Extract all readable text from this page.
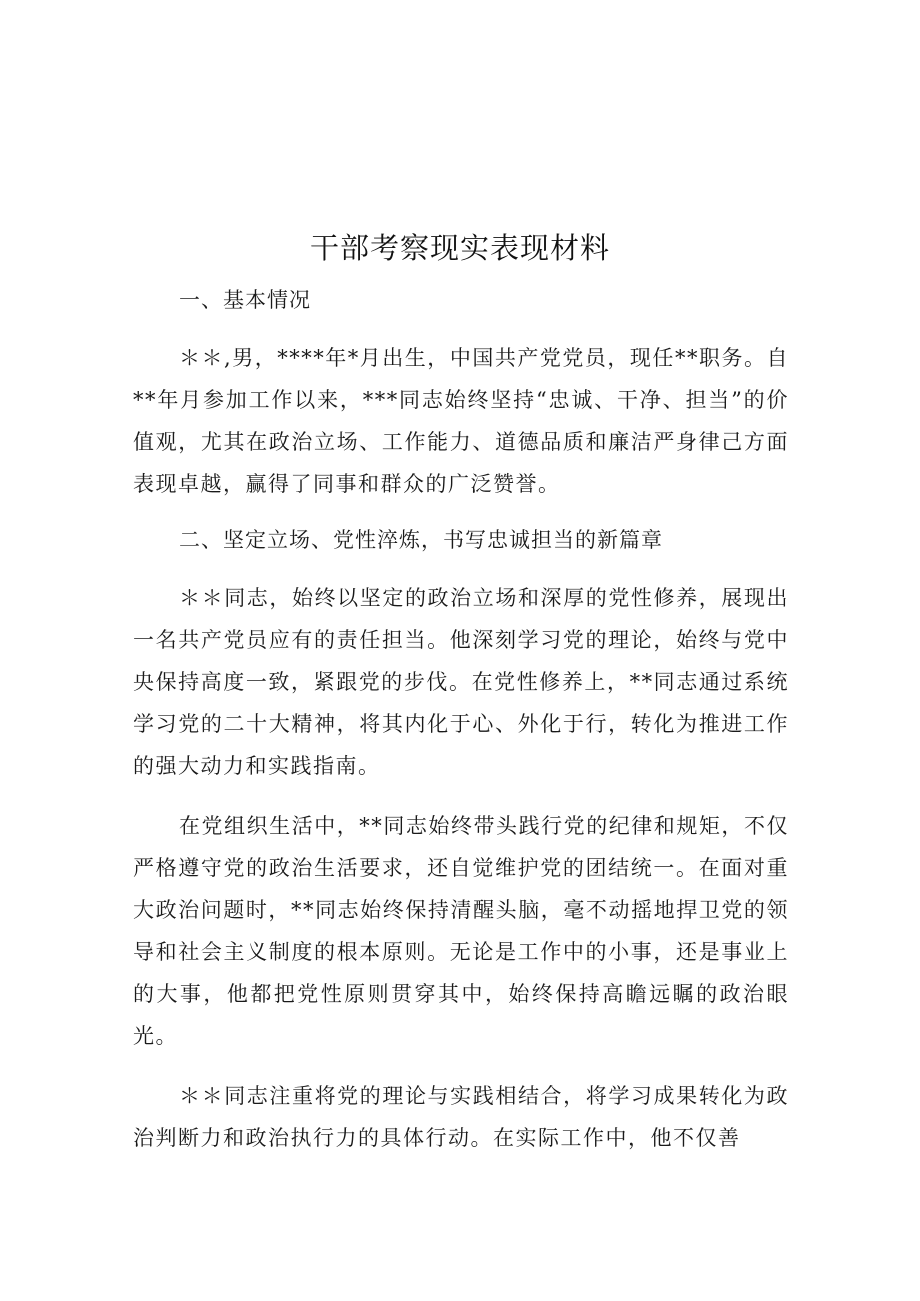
干部考察现实表现材料

一、基本情况

＊＊,男，****年*月出生，中国共产党党员，现任**职务。自**年月参加工作以来，***同志始终坚持“忠诚、干净、担当”的价值观，尤其在政治立场、工作能力、道德品质和廉洁严身律己方面表现卓越，赢得了同事和群众的广泛赞誉。

二、坚定立场、党性淬炼，书写忠诚担当的新篇章

＊＊同志，始终以坚定的政治立场和深厚的党性修养，展现出一名共产党员应有的责任担当。他深刻学习党的理论，始终与党中央保持高度一致，紧跟党的步伐。在党性修养上，**同志通过系统学习党的二十大精神，将其内化于心、外化于行，转化为推进工作的强大动力和实践指南。

在党组织生活中，**同志始终带头践行党的纪律和规矩，不仅严格遵守党的政治生活要求，还自觉维护党的团结统一。在面对重大政治问题时，**同志始终保持清醒头脑，毫不动摇地捍卫党的领导和社会主义制度的根本原则。无论是工作中的小事，还是事业上的大事，他都把党性原则贯穿其中，始终保持高瞻远瞩的政治眼光。

＊＊同志注重将党的理论与实践相结合，将学习成果转化为政治判断力和政治执行力的具体行动。在实际工作中，他不仅善
